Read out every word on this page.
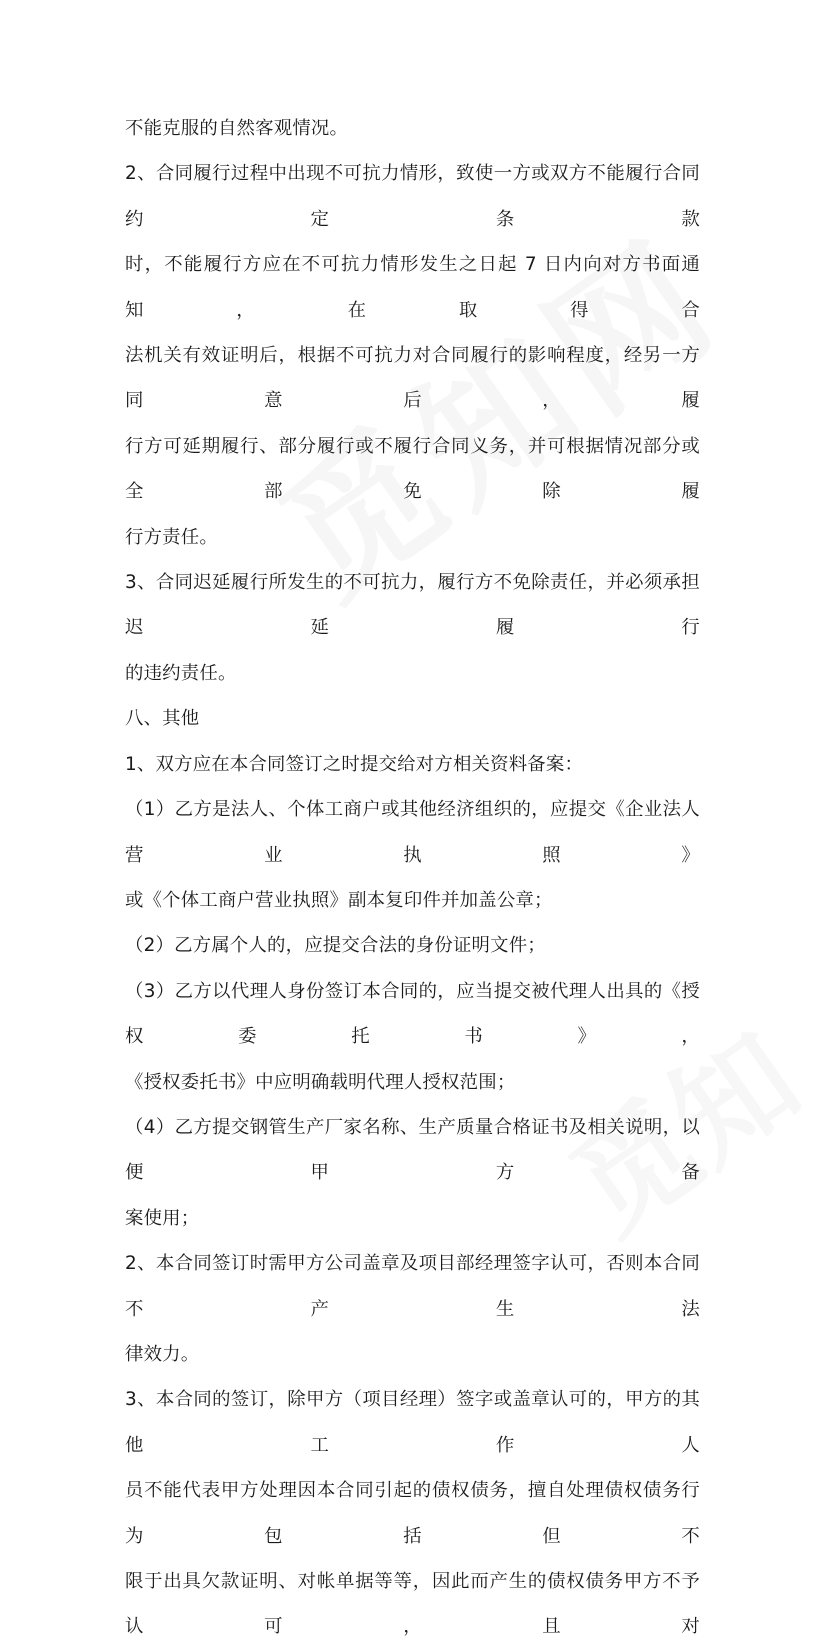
不能克服的自然客观情况。

2、合同履行过程中出现不可抗力情形，致使一方或双方不能履行合同约定条款

时，不能履行方应在不可抗力情形发生之日起 7 日内向对方书面通知，在取得合

法机关有效证明后，根据不可抗力对合同履行的影响程度，经另一方同意后，履

行方可延期履行、部分履行或不履行合同义务，并可根据情况部分或全部免除履

行方责任。

3、合同迟延履行所发生的不可抗力，履行方不免除责任，并必须承担迟延履行

的违约责任。

八、其他

1、双方应在本合同签订之时提交给对方相关资料备案：

（1）乙方是法人、个体工商户或其他经济组织的，应提交《企业法人营业执照》

或《个体工商户营业执照》副本复印件并加盖公章；

（2）乙方属个人的，应提交合法的身份证明文件；

（3）乙方以代理人身份签订本合同的，应当提交被代理人出具的《授权委托书》，

《授权委托书》中应明确载明代理人授权范围；

（4）乙方提交钢管生产厂家名称、生产质量合格证书及相关说明，以便甲方备

案使用；

2、本合同签订时需甲方公司盖章及项目部经理签字认可，否则本合同不产生法

律效力。

3、本合同的签订，除甲方（项目经理）签字或盖章认可的，甲方的其他工作人

员不能代表甲方处理因本合同引起的债权债务，擅自处理债权债务行为包括但不

限于出具欠款证明、对帐单据等等，因此而产生的债权债务甲方不予认可，且对
